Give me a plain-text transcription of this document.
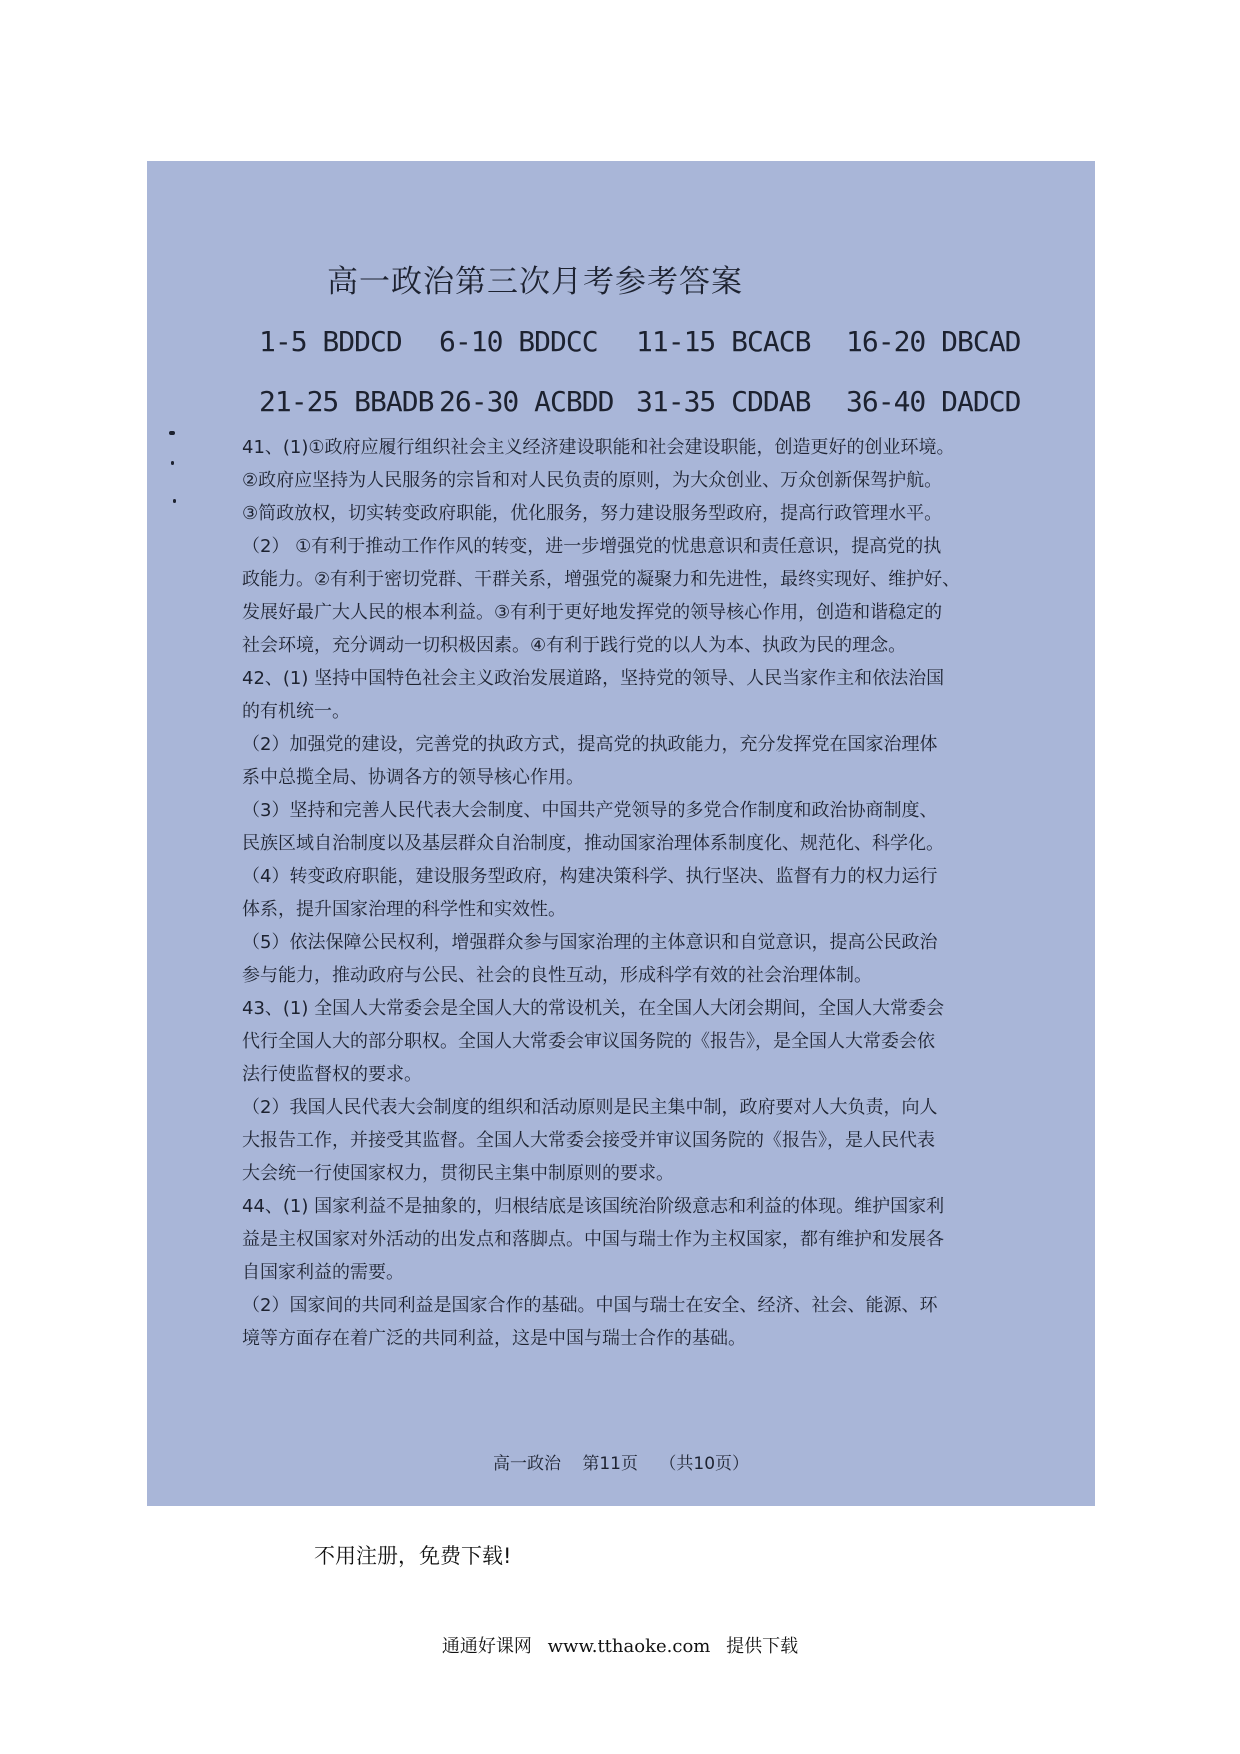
高一政治第三次月考参考答案
1-5 BDDCD	6-10 BDDCC	11-15 BCACB	16-20 DBCAD
21-25 BBADB 26-30 ACBDD 31-35 CDDAB	36-40 DADCD

41、(1)①政府应履行组织社会主义经济建设职能和社会建设职能，创造更好的创业环境。

②政府应坚持为人民服务的宗旨和对人民负责的原则，为大众创业、万众创新保驾护航。

③简政放权，切实转变政府职能，优化服务，努力建设服务型政府，提高行政管理水平。

（2） ①有利于推动工作作风的转变，进一步增强党的忧患意识和责任意识，提高党的执

政能力。②有利于密切党群、干群关系，增强党的凝聚力和先进性，最终实现好、维护好、

发展好最广大人民的根本利益。③有利于更好地发挥党的领导核心作用，创造和谐稳定的

社会环境，充分调动一切积极因素。④有利于践行党的以人为本、执政为民的理念。

42、(1) 坚持中国特色社会主义政治发展道路，坚持党的领导、人民当家作主和依法治国

的有机统一。

（2）加强党的建设，完善党的执政方式，提高党的执政能力，充分发挥党在国家治理体

系中总揽全局、协调各方的领导核心作用。

（3）坚持和完善人民代表大会制度、中国共产党领导的多党合作制度和政治协商制度、

民族区域自治制度以及基层群众自治制度，推动国家治理体系制度化、规范化、科学化。

（4）转变政府职能，建设服务型政府，构建决策科学、执行坚决、监督有力的权力运行

体系，提升国家治理的科学性和实效性。

（5）依法保障公民权利，增强群众参与国家治理的主体意识和自觉意识，提高公民政治

参与能力，推动政府与公民、社会的良性互动，形成科学有效的社会治理体制。

43、(1) 全国人大常委会是全国人大的常设机关，在全国人大闭会期间，全国人大常委会

代行全国人大的部分职权。全国人大常委会审议国务院的《报告》，是全国人大常委会依

法行使监督权的要求。

（2）我国人民代表大会制度的组织和活动原则是民主集中制，政府要对人大负责，向人

大报告工作，并接受其监督。全国人大常委会接受并审议国务院的《报告》，是人民代表

大会统一行使国家权力，贯彻民主集中制原则的要求。

44、(1) 国家利益不是抽象的，归根结底是该国统治阶级意志和利益的体现。维护国家利

益是主权国家对外活动的出发点和落脚点。中国与瑞士作为主权国家，都有维护和发展各

自国家利益的需要。

（2）国家间的共同利益是国家合作的基础。中国与瑞士在安全、经济、社会、能源、环

境等方面存在着广泛的共同利益，这是中国与瑞士合作的基础。

高一政治 第11页 （共10页）
不用注册，免费下载!
通通好课网 www.tthaoke.com 提供下载
